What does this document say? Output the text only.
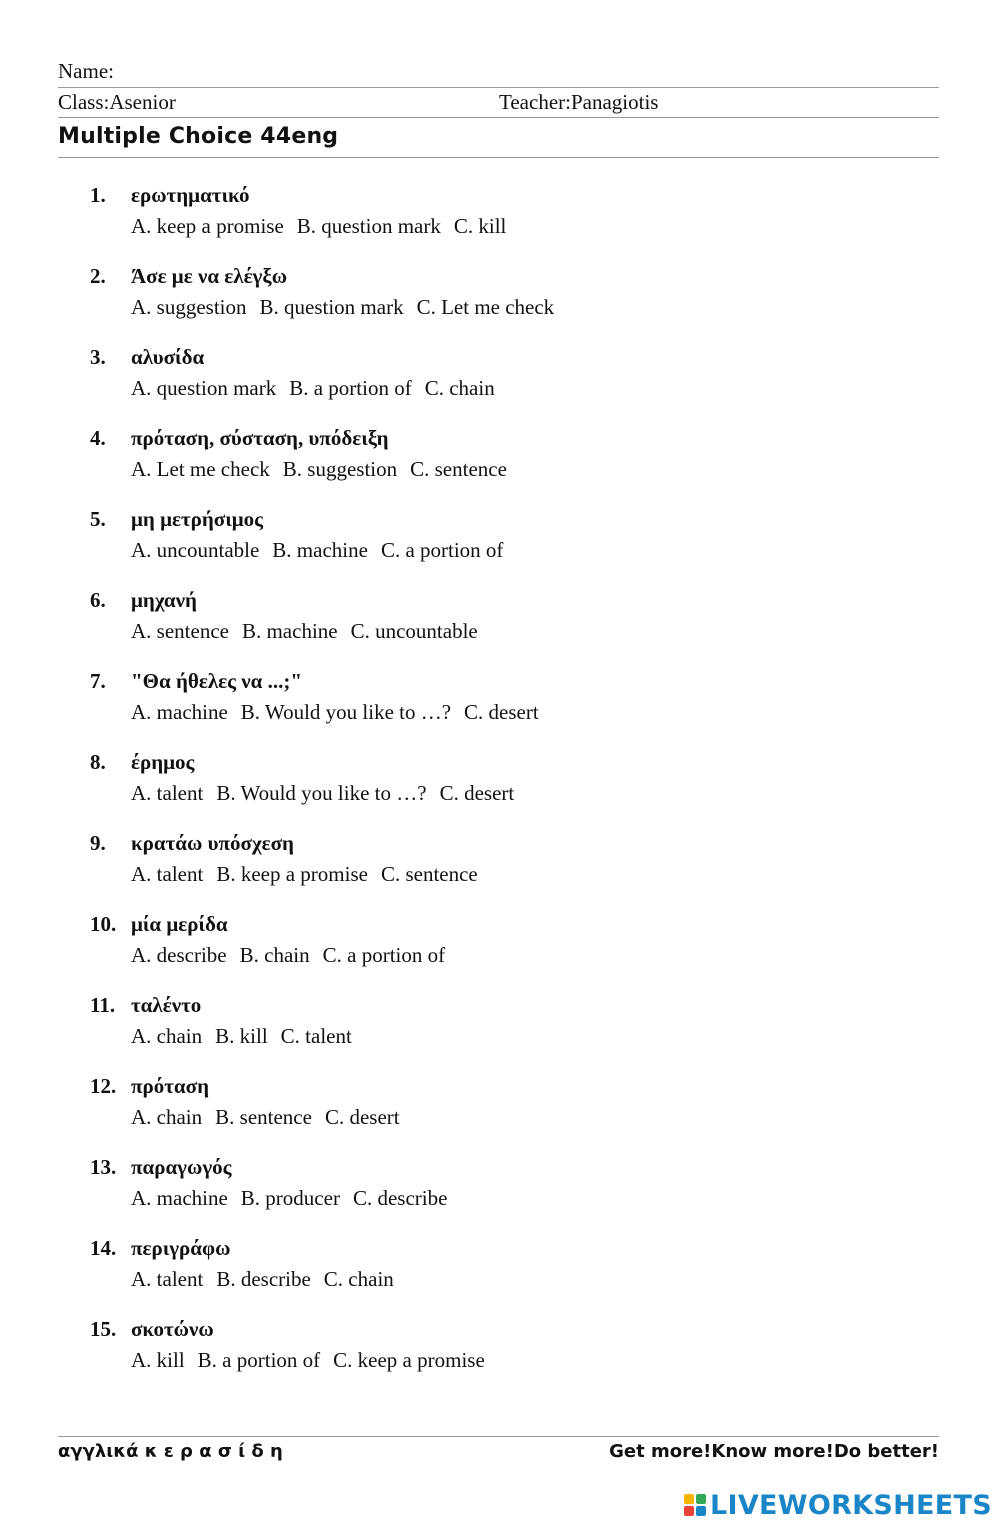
Name:
Class:Asenior	Teacher:Panagiotis
Multiple Choice 44eng
1. ερωτηματικό
A. keep a promise B. question mark C. kill
2. Άσε με να ελέγξω
A. suggestion B. question mark C. Let me check
3. αλυσίδα
A. question mark B. a portion of C. chain
4. πρόταση, σύσταση, υπόδειξη
A. Let me check B. suggestion C. sentence
5. μη μετρήσιμος
A. uncountable B. machine C. a portion of
6. μηχανή
A. sentence B. machine C. uncountable
7. "Θα ήθελες να ...;"
A. machine B. Would you like to …? C. desert
8. έρημος
A. talent B. Would you like to …? C. desert
9. κρατάω υπόσχεση
A. talent B. keep a promise C. sentence
10. μία μερίδα
A. describe B. chain C. a portion of
11. ταλέντο
A. chain B. kill C. talent
12. πρόταση
A. chain B. sentence C. desert
13. παραγωγός
A. machine B. producer C. describe
14. περιγράφω
A. talent B. describe C. chain
15. σκοτώνω
A. kill B. a portion of C. keep a promise
αγγλικά κ ε ρ α σ ί δ η	Get more!Know more!Do better!
LIVEWORKSHEETS
